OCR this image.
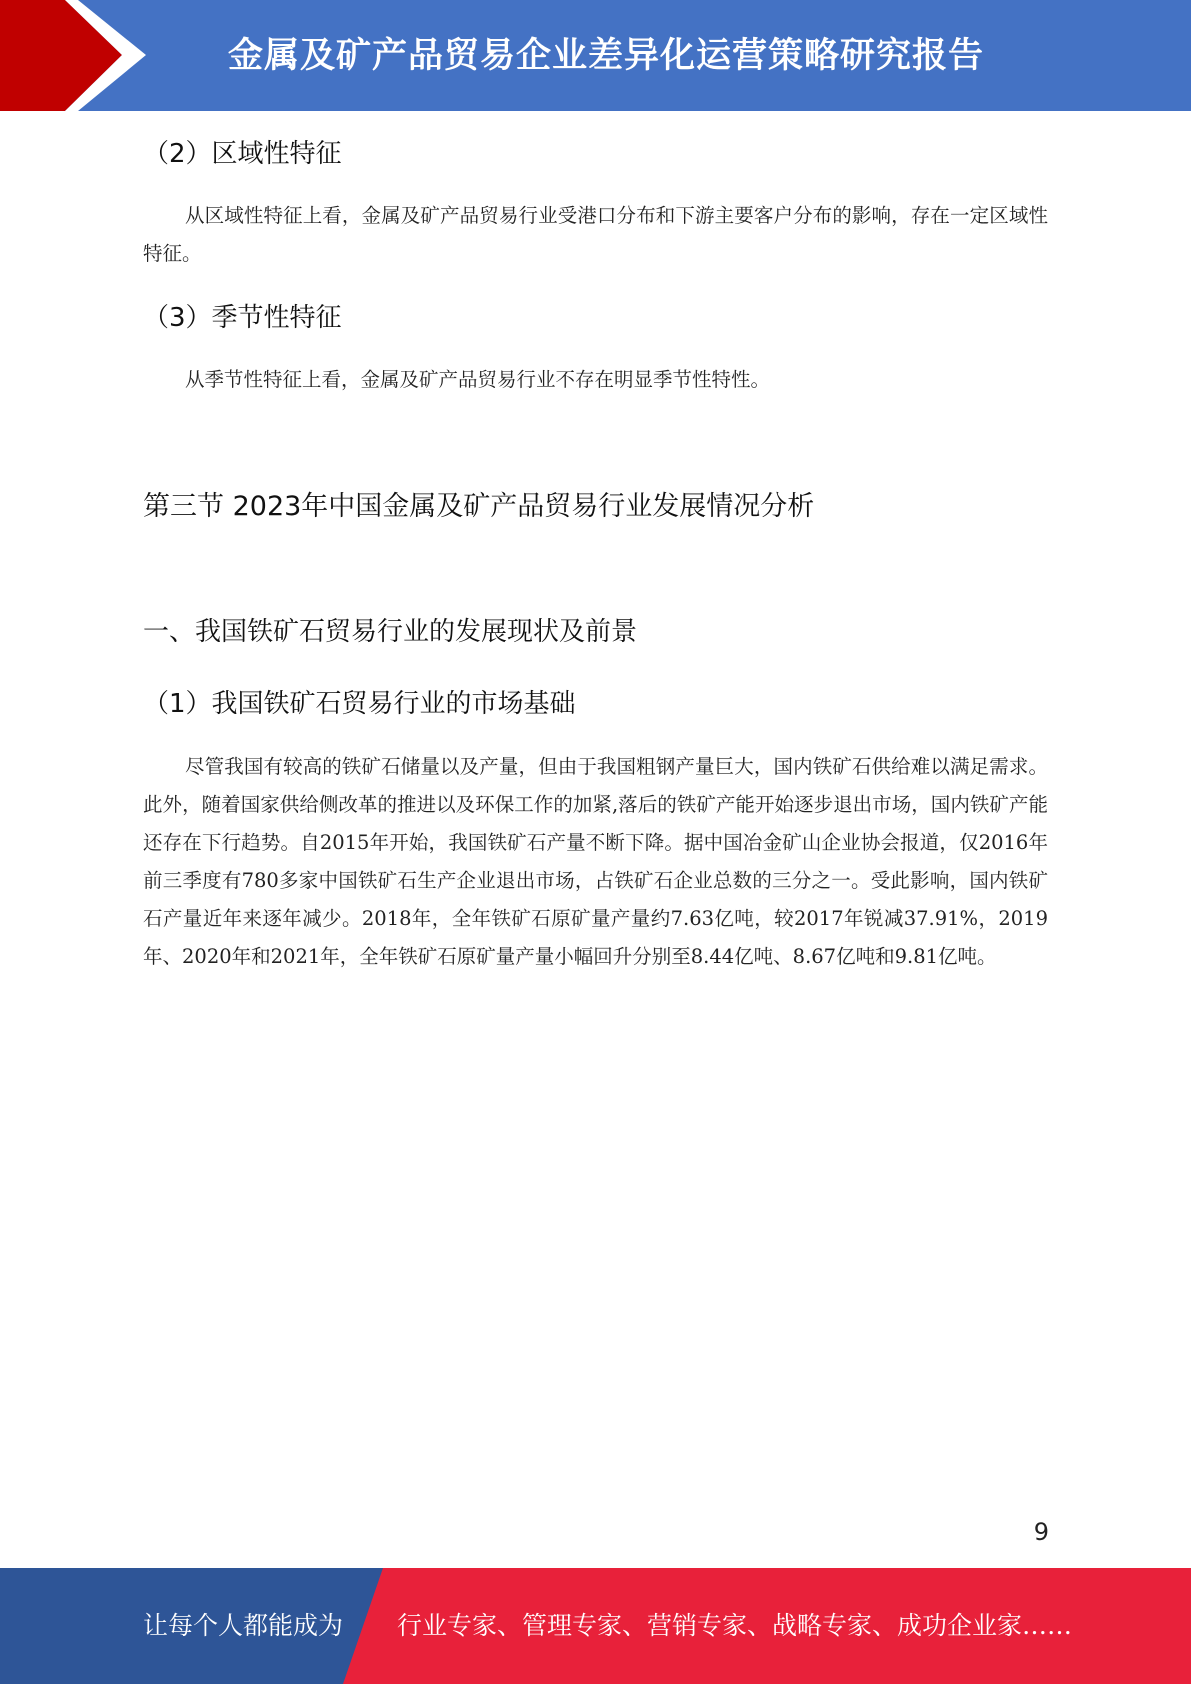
金属及矿产品贸易企业差异化运营策略研究报告
（2）区域性特征

从区域性特征上看，金属及矿产品贸易行业受港口分布和下游主要客户分布的影响，存在一定区域性特征。

（3）季节性特征

从季节性特征上看，金属及矿产品贸易行业不存在明显季节性特性。

第三节 2023年中国金属及矿产品贸易行业发展情况分析
一、我国铁矿石贸易行业的发展现状及前景
（1）我国铁矿石贸易行业的市场基础

尽管我国有较高的铁矿石储量以及产量，但由于我国粗钢产量巨大，国内铁矿石供给难以满足需求。此外，随着国家供给侧改革的推进以及环保工作的加紧,落后的铁矿产能开始逐步退出市场，国内铁矿产能还存在下行趋势。自2015年开始，我国铁矿石产量不断下降。据中国冶金矿山企业协会报道，仅2016年前三季度有780多家中国铁矿石生产企业退出市场，占铁矿石企业总数的三分之一。受此影响，国内铁矿石产量近年来逐年减少。2018年，全年铁矿石原矿量产量约7.63亿吨，较2017年锐减37.91%，2019年、2020年和2021年，全年铁矿石原矿量产量小幅回升分别至8.44亿吨、8.67亿吨和9.81亿吨。

9
让每个人都能成为 行业专家、管理专家、营销专家、战略专家、成功企业家……
